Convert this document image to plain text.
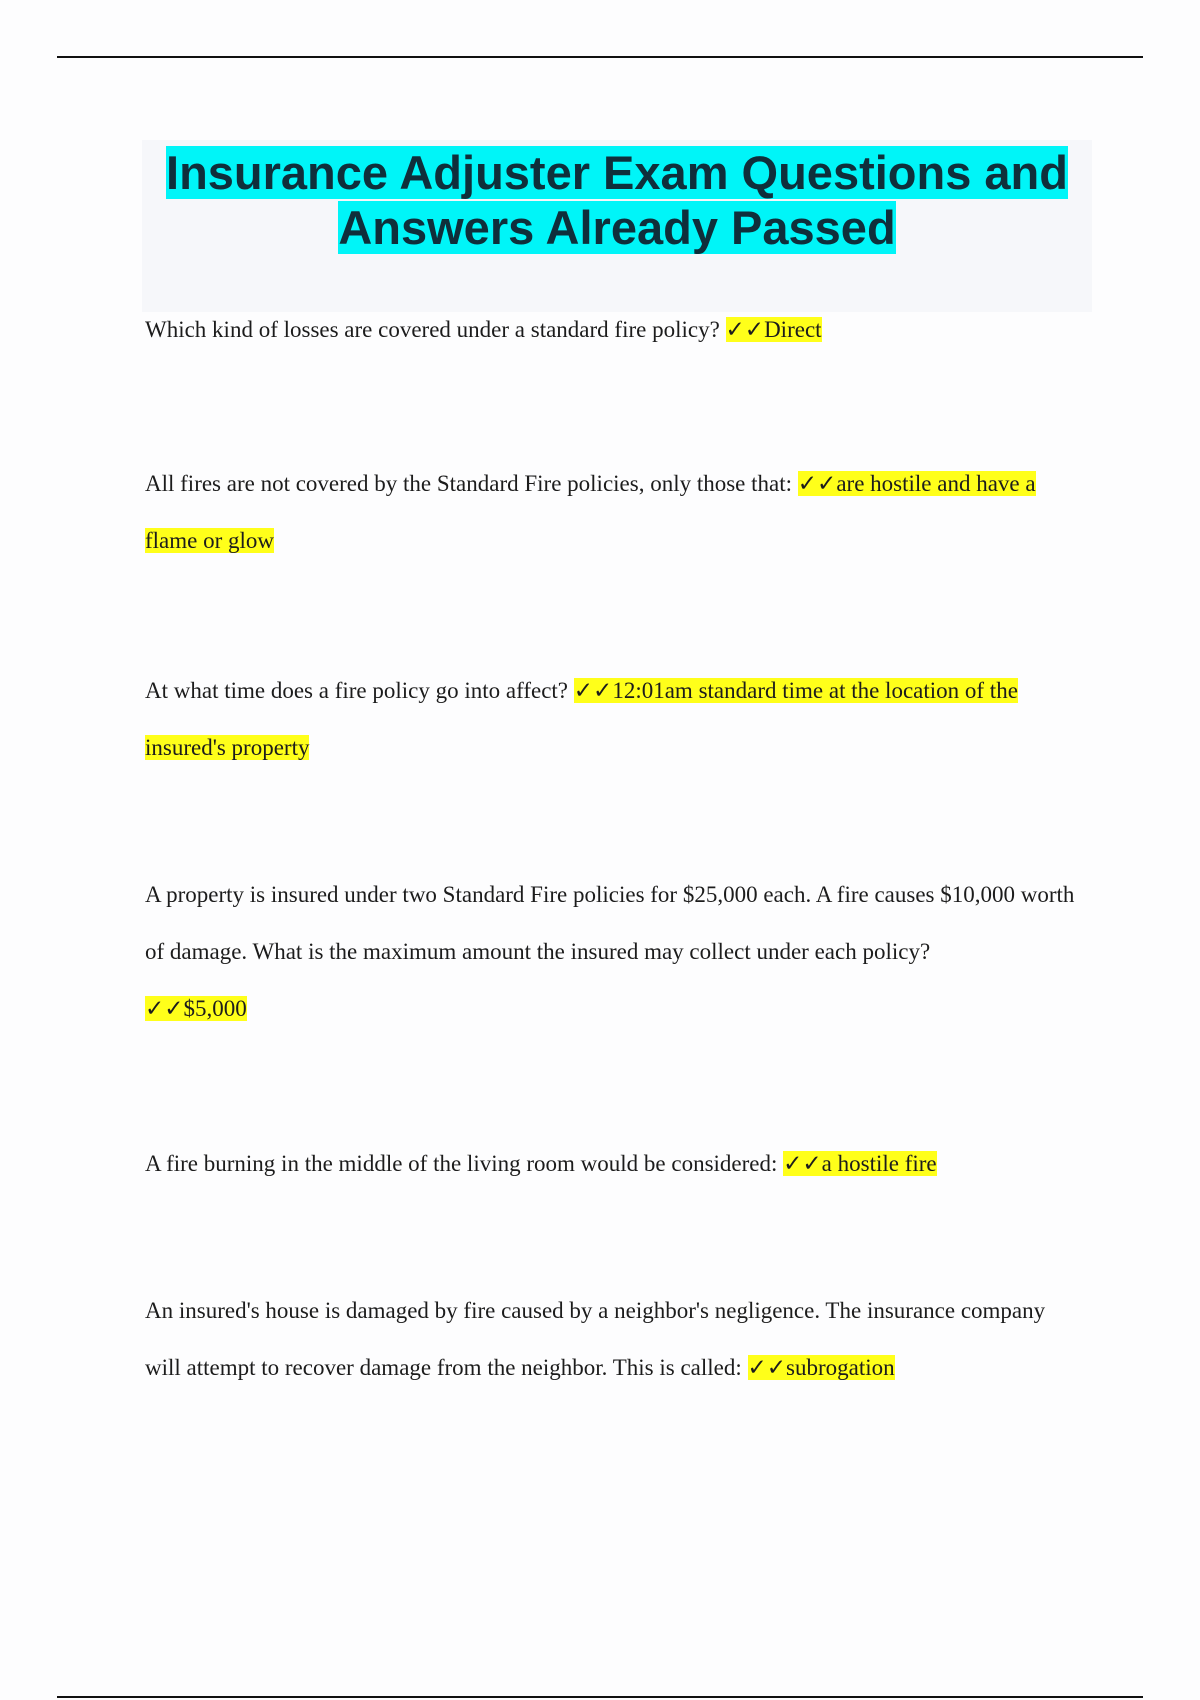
Insurance Adjuster Exam Questions and
Answers Already Passed

Which kind of losses are covered under a standard fire policy? ✓✓Direct

All fires are not covered by the Standard Fire policies, only those that: ✓✓are hostile and have a flame or glow

At what time does a fire policy go into affect? ✓✓12:01am standard time at the location of the insured's property

A property is insured under two Standard Fire policies for $25,000 each. A fire causes $10,000 worth of damage. What is the maximum amount the insured may collect under each policy?
✓✓$5,000

A fire burning in the middle of the living room would be considered: ✓✓a hostile fire

An insured's house is damaged by fire caused by a neighbor's negligence. The insurance company will attempt to recover damage from the neighbor. This is called: ✓✓subrogation
